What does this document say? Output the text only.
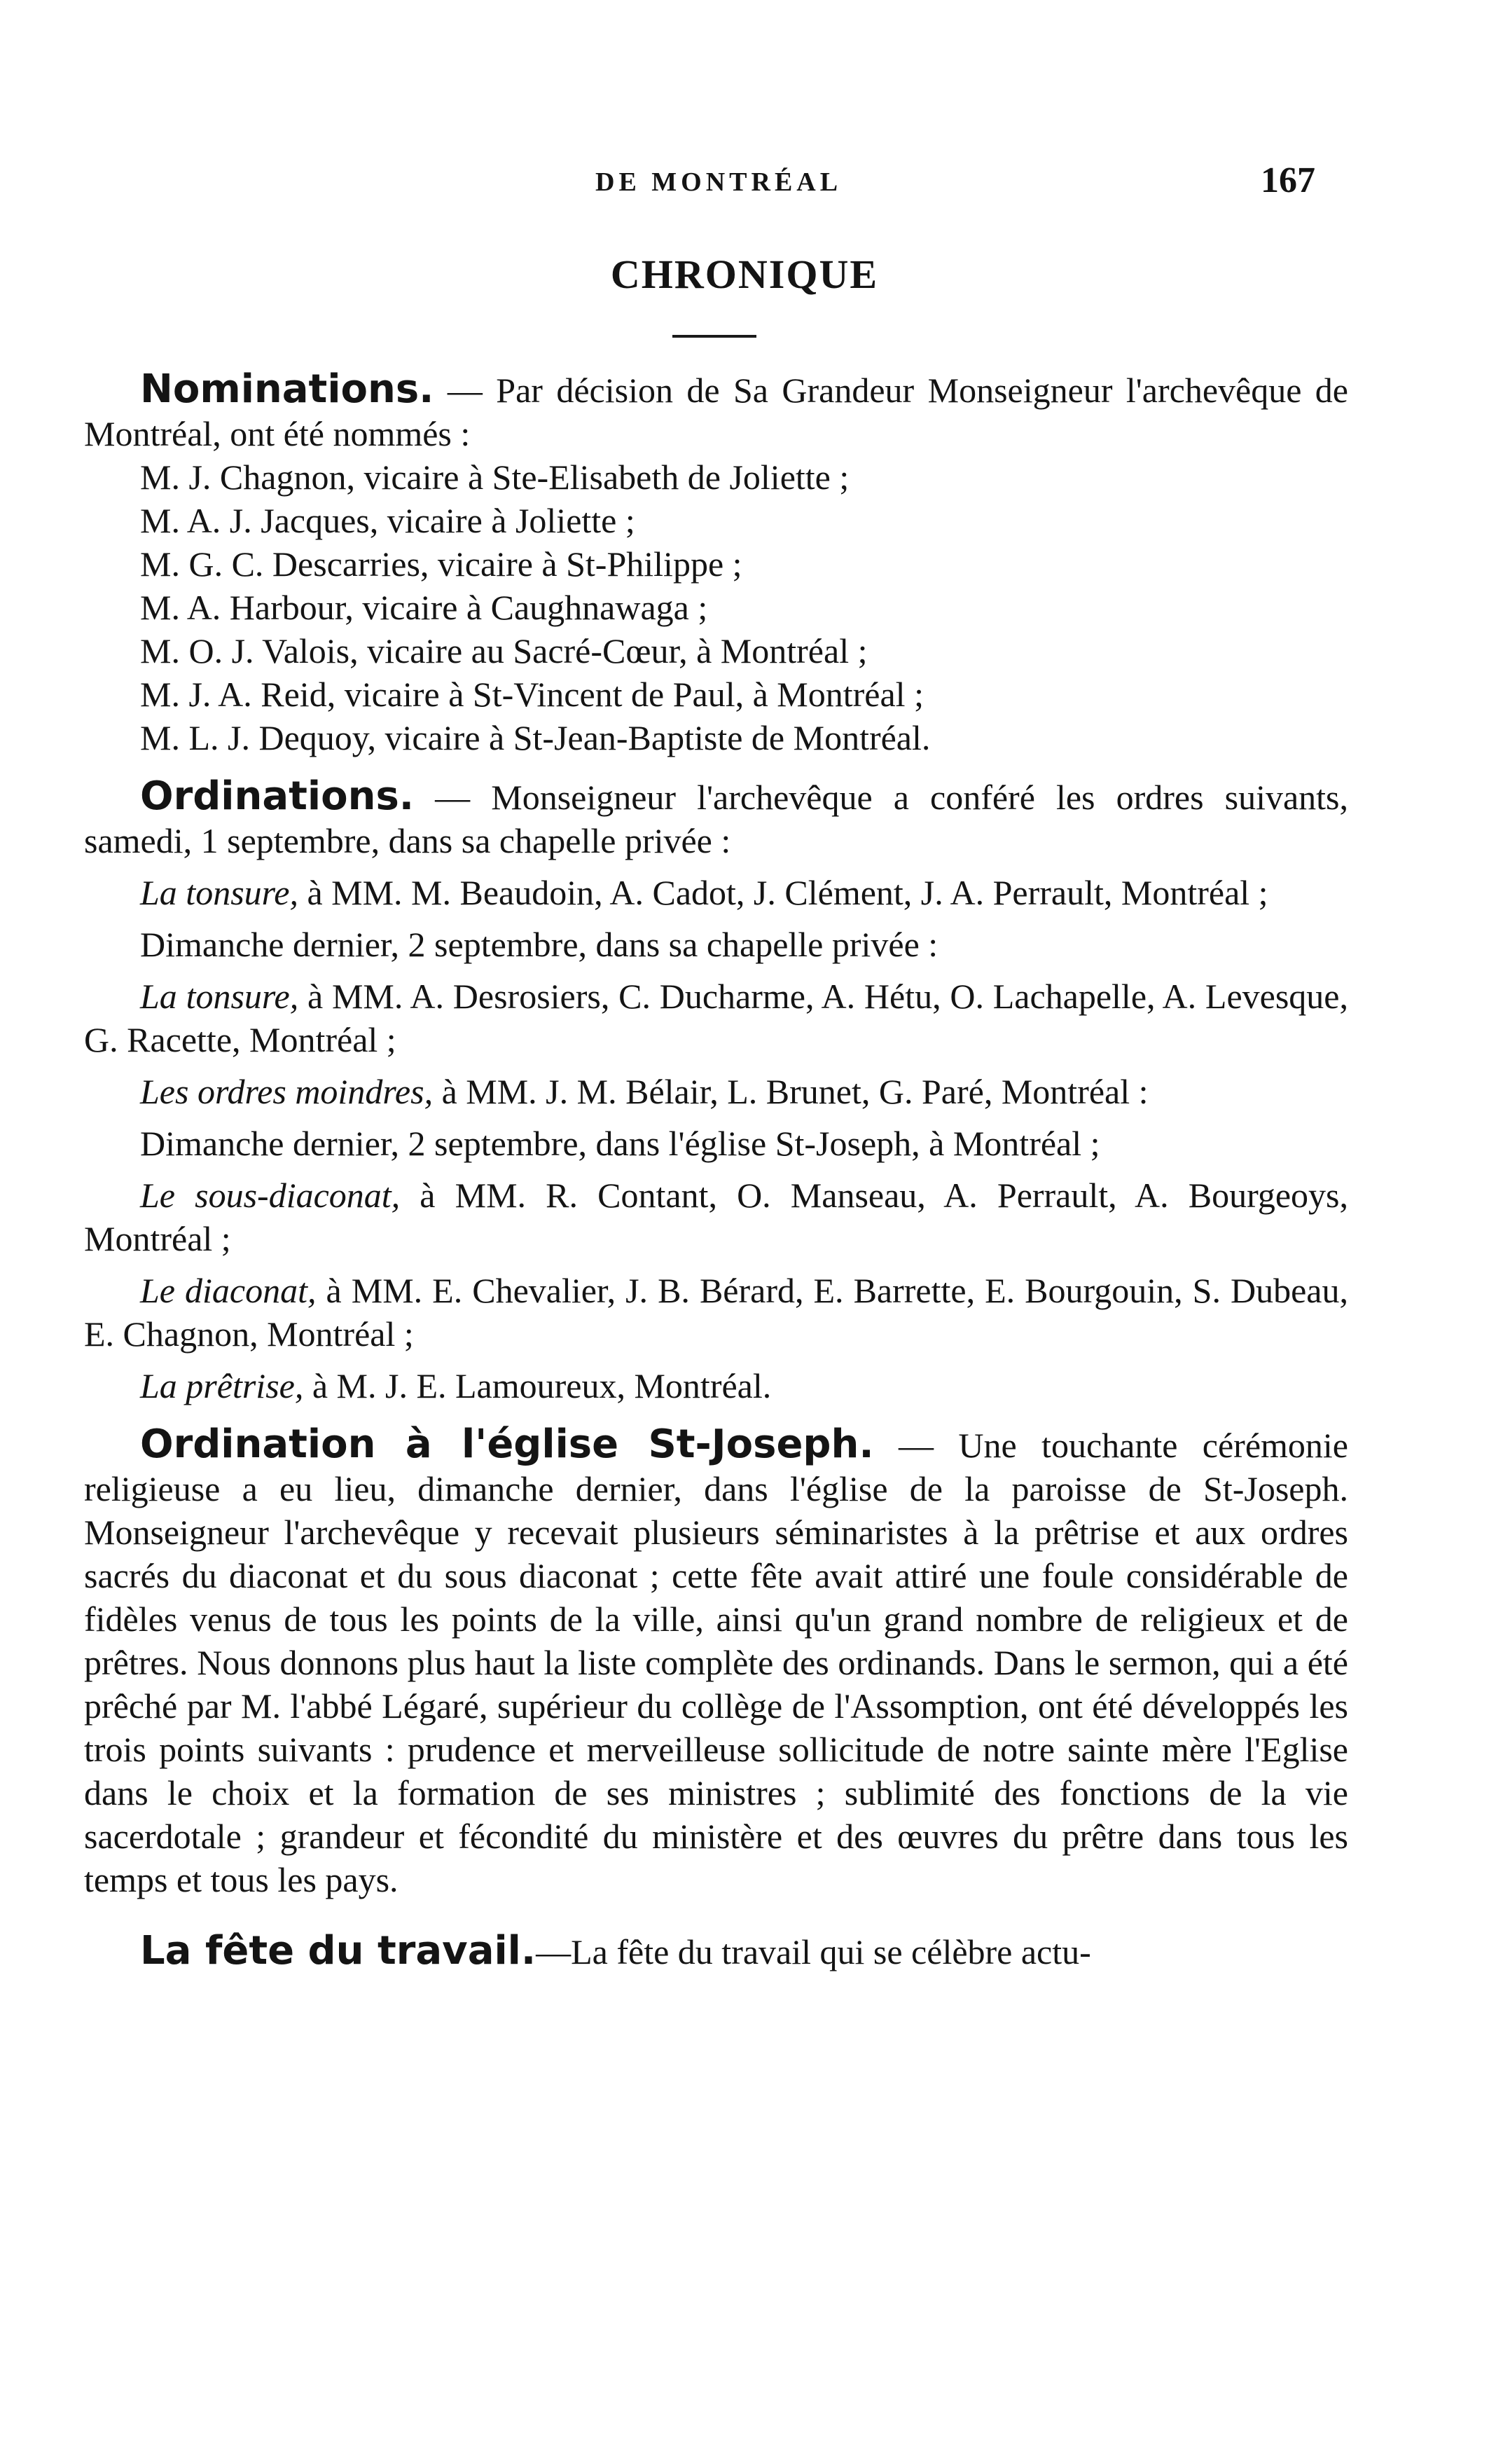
DE MONTRÉAL	167
CHRONIQUE

Nominations. — Par décision de Sa Grandeur Monseigneur l'archevêque de Montréal, ont été nommés :

M. J. Chagnon, vicaire à Ste-Elisabeth de Joliette ;

M. A. J. Jacques, vicaire à Joliette ;

M. G. C. Descarries, vicaire à St-Philippe ;

M. A. Harbour, vicaire à Caughnawaga ;

M. O. J. Valois, vicaire au Sacré-Cœur, à Montréal ;

M. J. A. Reid, vicaire à St-Vincent de Paul, à Montréal ;

M. L. J. Dequoy, vicaire à St-Jean-Baptiste de Montréal.

Ordinations. — Monseigneur l'archevêque a conféré les ordres suivants, samedi, 1 septembre, dans sa chapelle privée :

La tonsure, à MM. M. Beaudoin, A. Cadot, J. Clément, J. A. Perrault, Montréal ;

Dimanche dernier, 2 septembre, dans sa chapelle privée :

La tonsure, à MM. A. Desrosiers, C. Ducharme, A. Hétu, O. Lachapelle, A. Levesque, G. Racette, Montréal ;

Les ordres moindres, à MM. J. M. Bélair, L. Brunet, G. Paré, Montréal :

Dimanche dernier, 2 septembre, dans l'église St-Joseph, à Montréal ;

Le sous-diaconat, à MM. R. Contant, O. Manseau, A. Perrault, A. Bourgeoys, Montréal ;

Le diaconat, à MM. E. Chevalier, J. B. Bérard, E. Barrette, E. Bourgouin, S. Dubeau, E. Chagnon, Montréal ;

La prêtrise, à M. J. E. Lamoureux, Montréal.

Ordination à l'église St-Joseph. — Une touchante cérémonie religieuse a eu lieu, dimanche dernier, dans l'église de la paroisse de St-Joseph. Monseigneur l'archevêque y recevait plusieurs séminaristes à la prêtrise et aux ordres sacrés du diaconat et du sous diaconat ; cette fête avait attiré une foule considérable de fidèles venus de tous les points de la ville, ainsi qu'un grand nombre de religieux et de prêtres. Nous donnons plus haut la liste complète des ordinands. Dans le sermon, qui a été prêché par M. l'abbé Légaré, supérieur du collège de l'Assomption, ont été développés les trois points suivants : prudence et merveilleuse sollicitude de notre sainte mère l'Eglise dans le choix et la formation de ses ministres ; sublimité des fonctions de la vie sacerdotale ; grandeur et fécondité du ministère et des œuvres du prêtre dans tous les temps et tous les pays.

La fête du travail.—La fête du travail qui se célèbre actu-
